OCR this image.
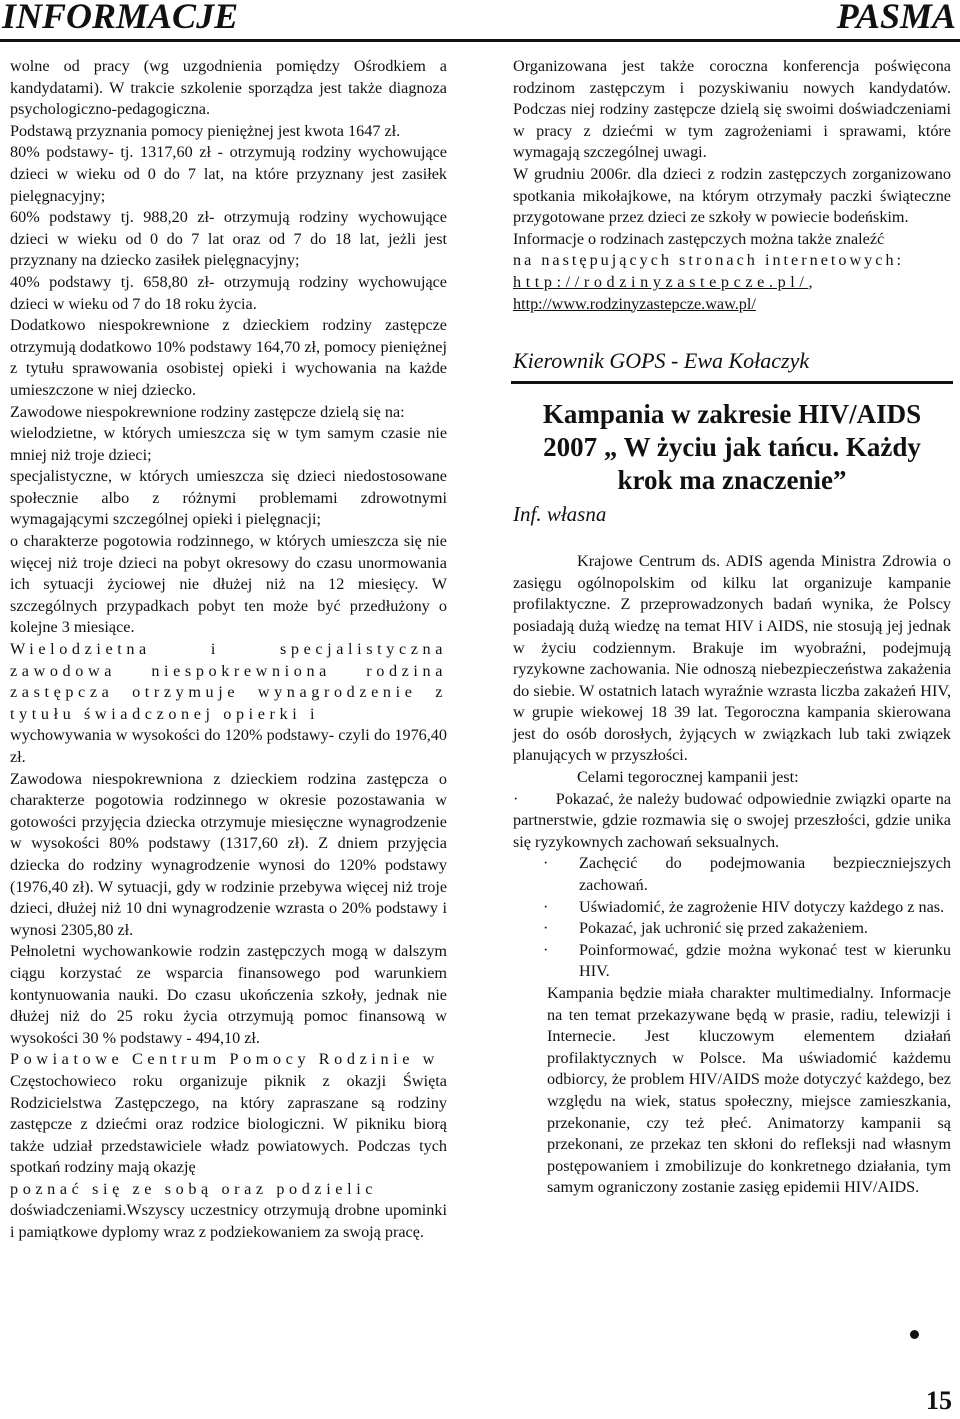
INFORMACJE	PASMA

wolne od pracy (wg uzgodnienia pomiędzy Ośrodkiem a kandydatami). W trakcie szkolenie sporządza jest także diagnoza psychologiczno-pedagogiczna.

Podstawą przyznania pomocy pieniężnej jest kwota 1647 zł.

80% podstawy- tj. 1317,60 zł - otrzymują rodziny wychowujące dzieci w wieku od 0 do 7 lat, na które przyznany jest zasiłek pielęgnacyjny;

60% podstawy tj. 988,20 zł- otrzymują rodziny wychowujące dzieci w wieku od 0 do 7 lat oraz od 7 do 18 lat, jeżli jest przyznany na dziecko zasiłek pielęgnacyjny;

40% podstawy tj. 658,80 zł- otrzymują rodziny wychowujące dzieci w wieku od 7 do 18 roku życia.

Dodatkowo niespokrewnione z dzieckiem rodziny zastępcze otrzymują dodatkowo 10% podstawy 164,70 zł, pomocy pieniężnej z tytułu sprawowania osobistej opieki i wychowania na każde umieszczone w niej dziecko.

Zawodowe niespokrewnione rodziny zastępcze dzielą się na:

wielodzietne, w których umieszcza się w tym samym czasie nie mniej niż troje dzieci;

specjalistyczne, w których umieszcza się dzieci niedostosowane społecznie albo z różnymi problemami zdrowotnymi wymagającymi szczególnej opieki i pielęgnacji;

o charakterze pogotowia rodzinnego, w których umieszcza się nie więcej niż troje dzieci na pobyt okresowy do czasu unormowania ich sytuacji życiowej nie dłużej niż na 12 miesięcy. W szczególnych przypadkach pobyt ten może być przedłużony o kolejne 3 miesiące.

Wielodzietna i specjalistyczna zawodowa niespokrewniona rodzina zastępcza otrzymuje wynagrodzenie z tytułu świadczonej opierki i

wychowywania w wysokości do 120% podstawy- czyli do 1976,40 zł.

Zawodowa niespokrewniona z dzieckiem rodzina zastępcza o charakterze pogotowia rodzinnego w okresie pozostawania w gotowości przyjęcia dziecka otrzymuje miesięczne wynagrodzenie w wysokości 80% podstawy (1317,60 zł). Z dniem przyjęcia dziecka do rodziny wynagrodzenie wynosi do 120% podstawy (1976,40 zł). W sytuacji, gdy w rodzinie przebywa więcej niż troje dzieci, dłużej niż 10 dni wynagrodzenie wzrasta o 20% podstawy i wynosi 2305,80 zł.

Pełnoletni wychowankowie rodzin zastępczych mogą w dalszym ciągu korzystać ze wsparcia finansowego pod warunkiem kontynuowania nauki. Do czasu ukończenia szkoły, jednak nie dłużej niż do 25 roku życia otrzymują pomoc finansową w wysokości 30 % podstawy - 494,10 zł.

Powiatowe Centrum Pomocy Rodzinie w

Częstochowieco roku organizuje piknik z okazji Święta Rodzicielstwa Zastępczego, na który zapraszane są rodziny zastępcze z dziećmi oraz rodzice biologiczni. W pikniku biorą także udział przedstawiciele władz powiatowych. Podczas tych spotkań rodziny mają okazję

poznać się ze sobą oraz podzielic

doświadczeniami.Wszyscy uczestnicy otrzymują drobne upominki i pamiątkowe dyplomy wraz z podziekowaniem za swoją pracę.

Organizowana jest także coroczna konferencja poświęcona rodzinom zastępczym i pozyskiwaniu nowych kandydatów. Podczas niej rodziny zastępcze dzielą się swoimi doświadczeniami w pracy z dziećmi w tym zagrożeniami i sprawami, które wymagają szczególnej uwagi.

W grudniu 2006r. dla dzieci z rodzin zastępczych zorganizowano spotkania mikołajkowe, na którym otrzymały paczki świąteczne przygotowane przez dzieci ze szkoły w powiecie bodeńskim.

Informacje o rodzinach zastępczych można także znaleźć

na następujących stronach internetowych:

http://rodzinyzastepcze.pl/,

http://www.rodzinyzastepcze.waw.pl/

Kierownik GOPS - Ewa Kołaczyk
Kampania w zakresie HIV/AIDS 2007 „ W życiu jak tańcu. Każdy krok ma znaczenie”
Inf. własna

Krajowe Centrum ds. ADIS agenda Ministra Zdrowia o zasięgu ogólnopolskim od kilku lat organizuje kampanie profilaktyczne. Z przeprowadzonych badań wynika, że Polscy posiadają dużą wiedzę na temat HIV i AIDS, nie stosują jej jednak w życiu codziennym. Brakuje im wyobraźni, podejmują ryzykowne zachowania. Nie odnoszą niebezpieczeństwa zakażenia do siebie. W ostatnich latach wyraźnie wzrasta liczba zakażeń HIV, w grupie wiekowej 18 39 lat. Tegoroczna kampania skierowana jest do osób dorosłych, żyjących w związkach lub taki związek planujących w przyszłości.

Celami tegorocznej kampanii jest:

· Pokazać, że należy budować odpowiednie związki oparte na partnerstwie, gdzie rozmawia się o swojej przeszłości, gdzie unika się ryzykownych zachowań seksualnych.

· Zachęcić do podejmowania bezpieczniejszych zachowań.
· Uświadomić, że zagrożenie HIV dotyczy każdego z nas.
· Pokazać, jak uchronić się przed zakażeniem.
· Poinformować, gdzie można wykonać test w kierunku HIV.

Kampania będzie miała charakter multimedialny. Informacje na ten temat przekazywane będą w prasie, radiu, telewizji i Internecie. Jest kluczowym elementem działań profilaktycznych w Polsce. Ma uświadomić każdemu odbiorcy, że problem HIV/AIDS może dotyczyć każdego, bez względu na wiek, status społeczny, miejsce zamieszkania, przekonanie, czy też płeć. Animatorzy kampanii są przekonani, ze przekaz ten skłoni do refleksji nad własnym postępowaniem i zmobilizuje do konkretnego działania, tym samym ograniczony zostanie zasięg epidemii HIV/AIDS.

15
